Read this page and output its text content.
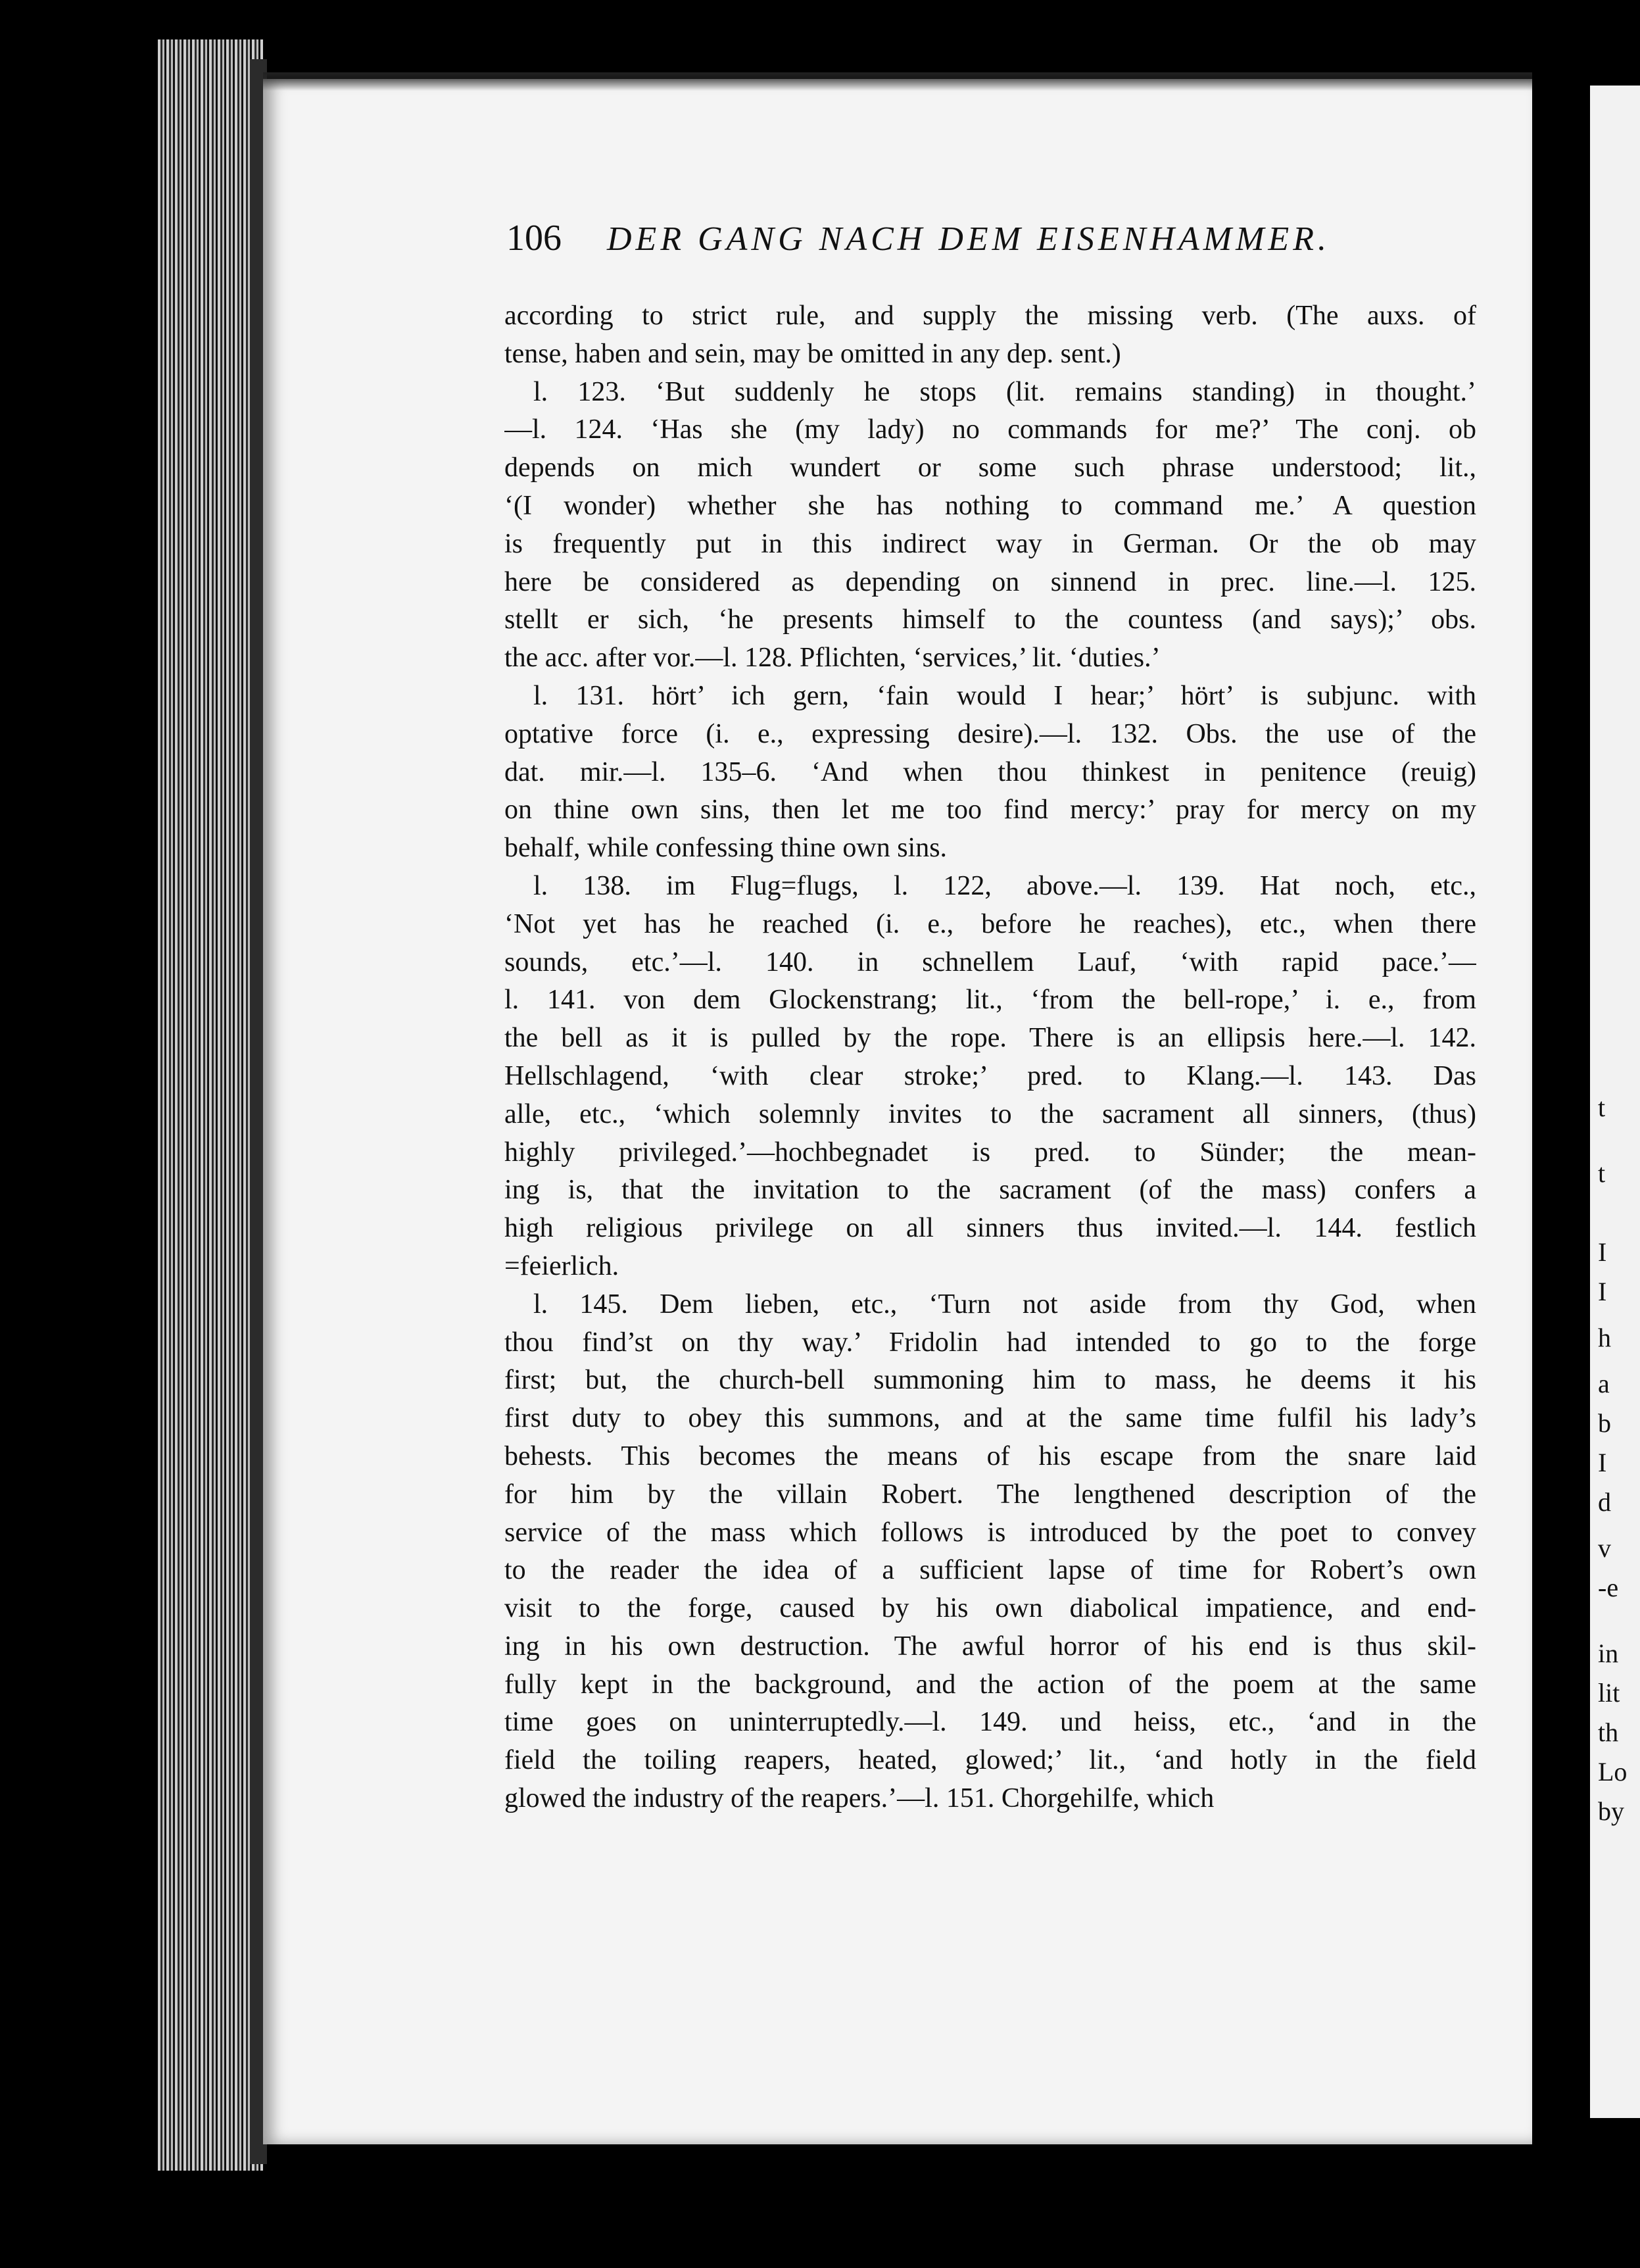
t
t
I
I
h
a
b
I
d
v
-e
in
lit
th
Lo
by
106 DER GANG NACH DEM EISENHAMMER.
according to strict rule, and supply the missing verb. (The auxs. of
tense, haben and sein, may be omitted in any dep. sent.)
l. 123. ‘But suddenly he stops (lit. remains standing) in thought.’
—l. 124. ‘Has she (my lady) no commands for me?’ The conj. ob
depends on mich wundert or some such phrase understood; lit.,
‘(I wonder) whether she has nothing to command me.’ A question
is frequently put in this indirect way in German. Or the ob may
here be considered as depending on sinnend in prec. line.—l. 125.
stellt er sich, ‘he presents himself to the countess (and says);’ obs.
the acc. after vor.—l. 128. Pflichten, ‘services,’ lit. ‘duties.’
l. 131. hört’ ich gern, ‘fain would I hear;’ hört’ is subjunc. with
optative force (i. e., expressing desire).—l. 132. Obs. the use of the
dat. mir.—l. 135–6. ‘And when thou thinkest in penitence (reuig)
on thine own sins, then let me too find mercy:’ pray for mercy on my
behalf, while confessing thine own sins.
l. 138. im Flug=flugs, l. 122, above.—l. 139. Hat noch, etc.,
‘Not yet has he reached (i. e., before he reaches), etc., when there
sounds, etc.’—l. 140. in schnellem Lauf, ‘with rapid pace.’—
l. 141. von dem Glockenstrang; lit., ‘from the bell-rope,’ i. e., from
the bell as it is pulled by the rope. There is an ellipsis here.—l. 142.
Hellschlagend, ‘with clear stroke;’ pred. to Klang.—l. 143. Das
alle, etc., ‘which solemnly invites to the sacrament all sinners, (thus)
highly privileged.’—hochbegnadet is pred. to Sünder; the mean-
ing is, that the invitation to the sacrament (of the mass) confers a
high religious privilege on all sinners thus invited.—l. 144. festlich
=feierlich.
l. 145. Dem lieben, etc., ‘Turn not aside from thy God, when
thou find’st on thy way.’ Fridolin had intended to go to the forge
first; but, the church-bell summoning him to mass, he deems it his
first duty to obey this summons, and at the same time fulfil his lady’s
behests. This becomes the means of his escape from the snare laid
for him by the villain Robert. The lengthened description of the
service of the mass which follows is introduced by the poet to convey
to the reader the idea of a sufficient lapse of time for Robert’s own
visit to the forge, caused by his own diabolical impatience, and end-
ing in his own destruction. The awful horror of his end is thus skil-
fully kept in the background, and the action of the poem at the same
time goes on uninterruptedly.—l. 149. und heiss, etc., ‘and in the
field the toiling reapers, heated, glowed;’ lit., ‘and hotly in the field
glowed the industry of the reapers.’—l. 151. Chorgehilfe, which
